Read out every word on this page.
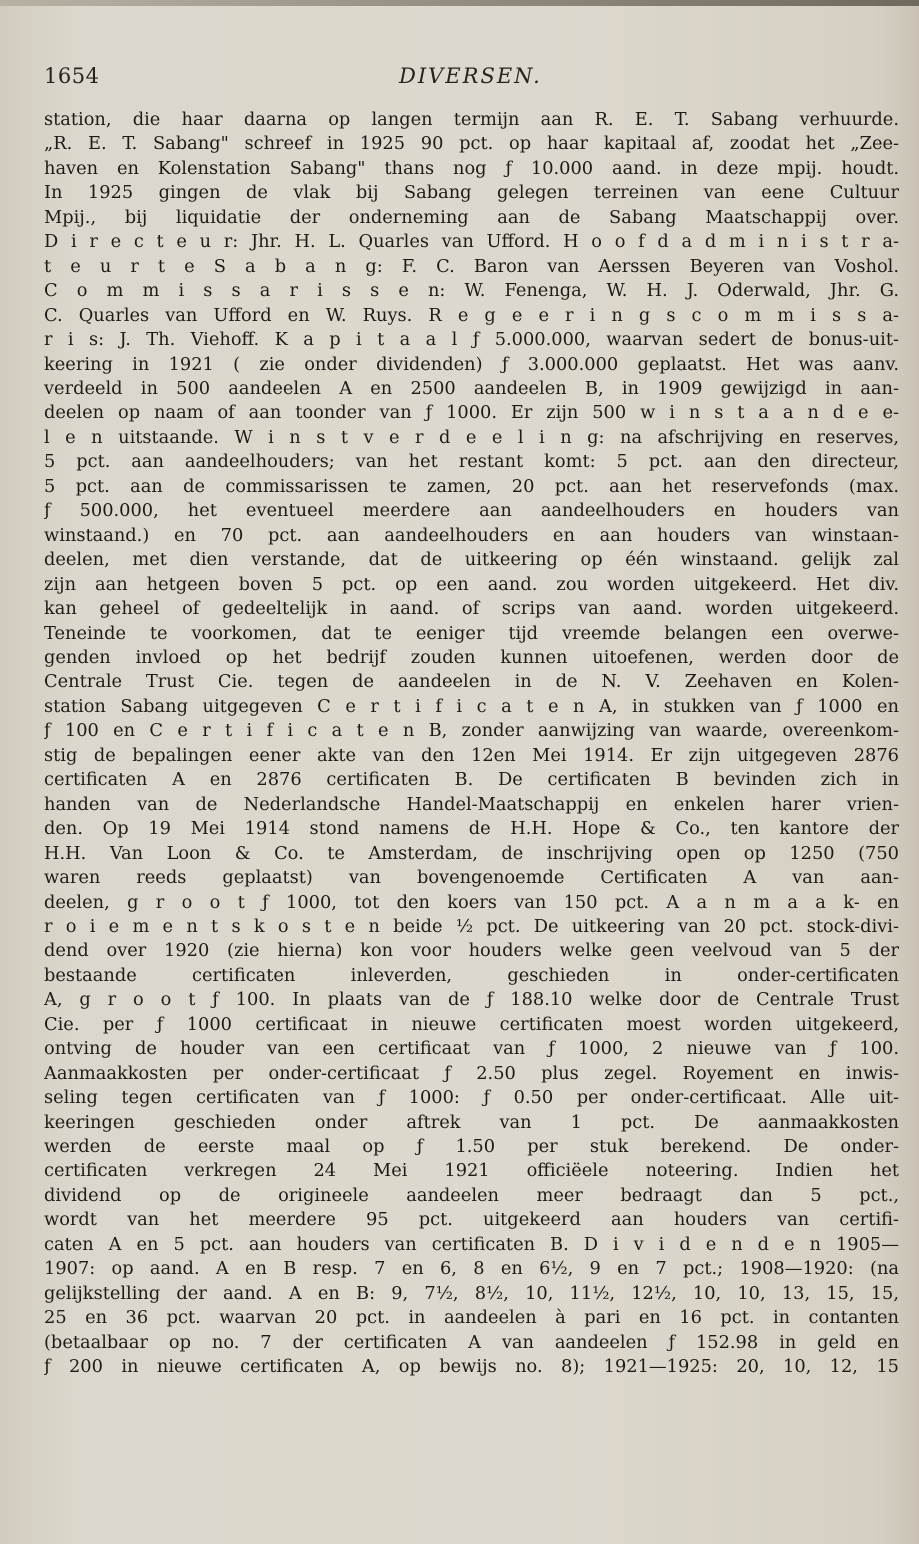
1654	DIVERSEN.
station, die haar daarna op langen termijn aan R. E. T. Sabang verhuurde.
„R. E. T. Sabang" schreef in 1925 90 pct. op haar kapitaal af, zoodat het „Zee-
haven en Kolenstation Sabang" thans nog ƒ 10.000 aand. in deze mpij. houdt.
In 1925 gingen de vlak bij Sabang gelegen terreinen van eene Cultuur
Mpij., bij liquidatie der onderneming aan de Sabang Maatschappij over.
D i r e c t e u r: Jhr. H. L. Quarles van Ufford. H o o f d a d m i n i s t r a-
t e u r t e S a b a n g: F. C. Baron van Aerssen Beyeren van Voshol.
C o m m i s s a r i s s e n: W. Fenenga, W. H. J. Oderwald, Jhr. G.
C. Quarles van Ufford en W. Ruys. R e g e e r i n g s c o m m i s s a-
r i s: J. Th. Viehoff. K a p i t a a l ƒ 5.000.000, waarvan sedert de bonus-uit-
keering in 1921 ( zie onder dividenden) ƒ 3.000.000 geplaatst. Het was aanv.
verdeeld in 500 aandeelen A en 2500 aandeelen B, in 1909 gewijzigd in aan-
deelen op naam of aan toonder van ƒ 1000. Er zijn 500 w i n s t a a n d e e-
l e n uitstaande. W i n s t v e r d e e l i n g: na afschrijving en reserves,
5 pct. aan aandeelhouders; van het restant komt: 5 pct. aan den directeur,
5 pct. aan de commissarissen te zamen, 20 pct. aan het reservefonds (max.
ƒ 500.000, het eventueel meerdere aan aandeelhouders en houders van
winstaand.) en 70 pct. aan aandeelhouders en aan houders van winstaan-
deelen, met dien verstande, dat de uitkeering op één winstaand. gelijk zal
zijn aan hetgeen boven 5 pct. op een aand. zou worden uitgekeerd. Het div.
kan geheel of gedeeltelijk in aand. of scrips van aand. worden uitgekeerd.
Teneinde te voorkomen, dat te eeniger tijd vreemde belangen een overwe-
genden invloed op het bedrijf zouden kunnen uitoefenen, werden door de
Centrale Trust Cie. tegen de aandeelen in de N. V. Zeehaven en Kolen-
station Sabang uitgegeven C e r t i f i c a t e n A, in stukken van ƒ 1000 en
ƒ 100 en C e r t i f i c a t e n B, zonder aanwijzing van waarde, overeenkom-
stig de bepalingen eener akte van den 12en Mei 1914. Er zijn uitgegeven 2876
certificaten A en 2876 certificaten B. De certificaten B bevinden zich in
handen van de Nederlandsche Handel-Maatschappij en enkelen harer vrien-
den. Op 19 Mei 1914 stond namens de H.H. Hope & Co., ten kantore der
H.H. Van Loon & Co. te Amsterdam, de inschrijving open op 1250 (750
waren reeds geplaatst) van bovengenoemde Certificaten A van aan-
deelen, g r o o t ƒ 1000, tot den koers van 150 pct. A a n m a a k- en
r o i e m e n t s k o s t e n beide ½ pct. De uitkeering van 20 pct. stock-divi-
dend over 1920 (zie hierna) kon voor houders welke geen veelvoud van 5 der
bestaande certificaten inleverden, geschieden in onder-certificaten
A, g r o o t ƒ 100. In plaats van de ƒ 188.10 welke door de Centrale Trust
Cie. per ƒ 1000 certificaat in nieuwe certificaten moest worden uitgekeerd,
ontving de houder van een certificaat van ƒ 1000, 2 nieuwe van ƒ 100.
Aanmaakkosten per onder-certificaat ƒ 2.50 plus zegel. Royement en inwis-
seling tegen certificaten van ƒ 1000: ƒ 0.50 per onder-certificaat. Alle uit-
keeringen geschieden onder aftrek van 1 pct. De aanmaakkosten
werden de eerste maal op ƒ 1.50 per stuk berekend. De onder-
certificaten verkregen 24 Mei 1921 officiëele noteering. Indien het
dividend op de origineele aandeelen meer bedraagt dan 5 pct.,
wordt van het meerdere 95 pct. uitgekeerd aan houders van certifi-
caten A en 5 pct. aan houders van certificaten B. D i v i d e n d e n 1905—
1907: op aand. A en B resp. 7 en 6, 8 en 6½, 9 en 7 pct.; 1908—1920: (na
gelijkstelling der aand. A en B: 9, 7½, 8½, 10, 11½, 12½, 10, 10, 13, 15, 15,
25 en 36 pct. waarvan 20 pct. in aandeelen à pari en 16 pct. in contanten
(betaalbaar op no. 7 der certificaten A van aandeelen ƒ 152.98 in geld en
ƒ 200 in nieuwe certificaten A, op bewijs no. 8); 1921—1925: 20, 10, 12, 15
